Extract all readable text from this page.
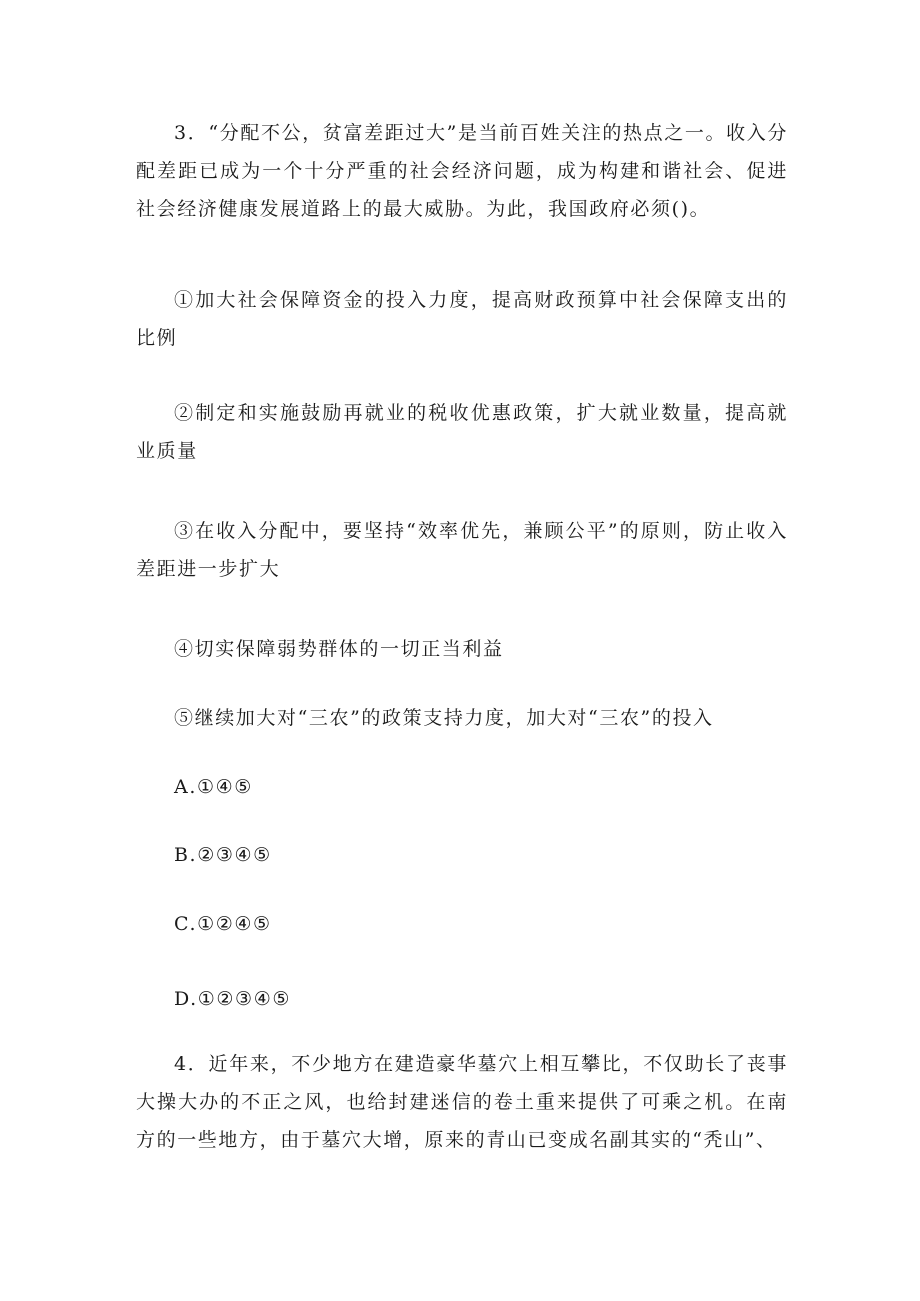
3．“分配不公，贫富差距过大”是当前百姓关注的热点之一。收入分配差距已成为一个十分严重的社会经济问题，成为构建和谐社会、促进社会经济健康发展道路上的最大威胁。为此，我国政府必须()。

①加大社会保障资金的投入力度，提高财政预算中社会保障支出的比例

②制定和实施鼓励再就业的税收优惠政策，扩大就业数量，提高就业质量

③在收入分配中，要坚持“效率优先，兼顾公平”的原则，防止收入差距进一步扩大

④切实保障弱势群体的一切正当利益

⑤继续加大对“三农”的政策支持力度，加大对“三农”的投入

A.①④⑤

B.②③④⑤

C.①②④⑤

D.①②③④⑤

4．近年来，不少地方在建造豪华墓穴上相互攀比，不仅助长了丧事大操大办的不正之风，也给封建迷信的卷土重来提供了可乘之机。在南方的一些地方，由于墓穴大增，原来的青山已变成名副其实的“秃山”、
